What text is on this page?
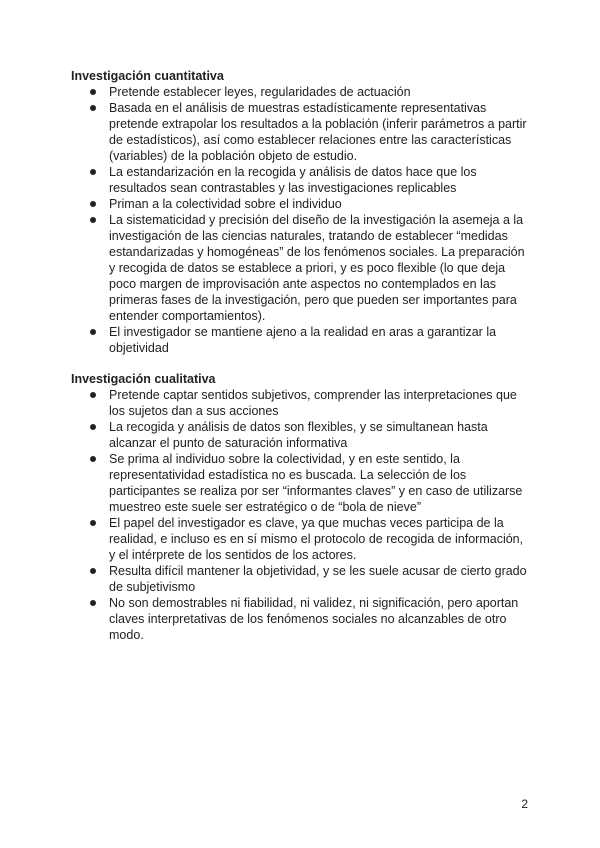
Investigación cuantitativa
Pretende establecer leyes, regularidades de actuación
Basada en el análisis de muestras estadísticamente representativas pretende extrapolar los resultados a la población (inferir parámetros a partir de estadísticos), así como establecer relaciones entre las características (variables) de la población objeto de estudio.
La estandarización en la recogida y análisis de datos hace que los resultados sean contrastables y las investigaciones replicables
Priman a la colectividad sobre el individuo
La sistematicidad y precisión del diseño de la investigación la asemeja a la investigación de las ciencias naturales, tratando de establecer “medidas estandarizadas y homogéneas” de los fenómenos sociales. La preparación y recogida de datos se establece a priori, y es poco flexible (lo que deja poco margen de improvisación ante aspectos no contemplados en las primeras fases de la investigación, pero que pueden ser importantes para entender comportamientos).
El investigador se mantiene ajeno a la realidad en aras a garantizar la objetividad
Investigación cualitativa
Pretende captar sentidos subjetivos, comprender las interpretaciones que los sujetos dan a sus acciones
La recogida y análisis de datos son flexibles, y se simultanean hasta alcanzar el punto de saturación informativa
Se prima al individuo sobre la colectividad, y en este sentido, la representatividad estadística no es buscada. La selección de los participantes se realiza por ser “informantes claves” y en caso de utilizarse muestreo este suele ser estratégico o de “bola de nieve”
El papel del investigador es clave, ya que muchas veces participa de la realidad, e incluso es en sí mismo el protocolo de recogida de información, y el intérprete de los sentidos de los actores.
Resulta difícil mantener la objetividad, y se les suele acusar de cierto grado de subjetivismo
No son demostrables ni fiabilidad, ni validez, ni significación, pero aportan claves interpretativas de los fenómenos sociales no alcanzables de otro modo.
2
